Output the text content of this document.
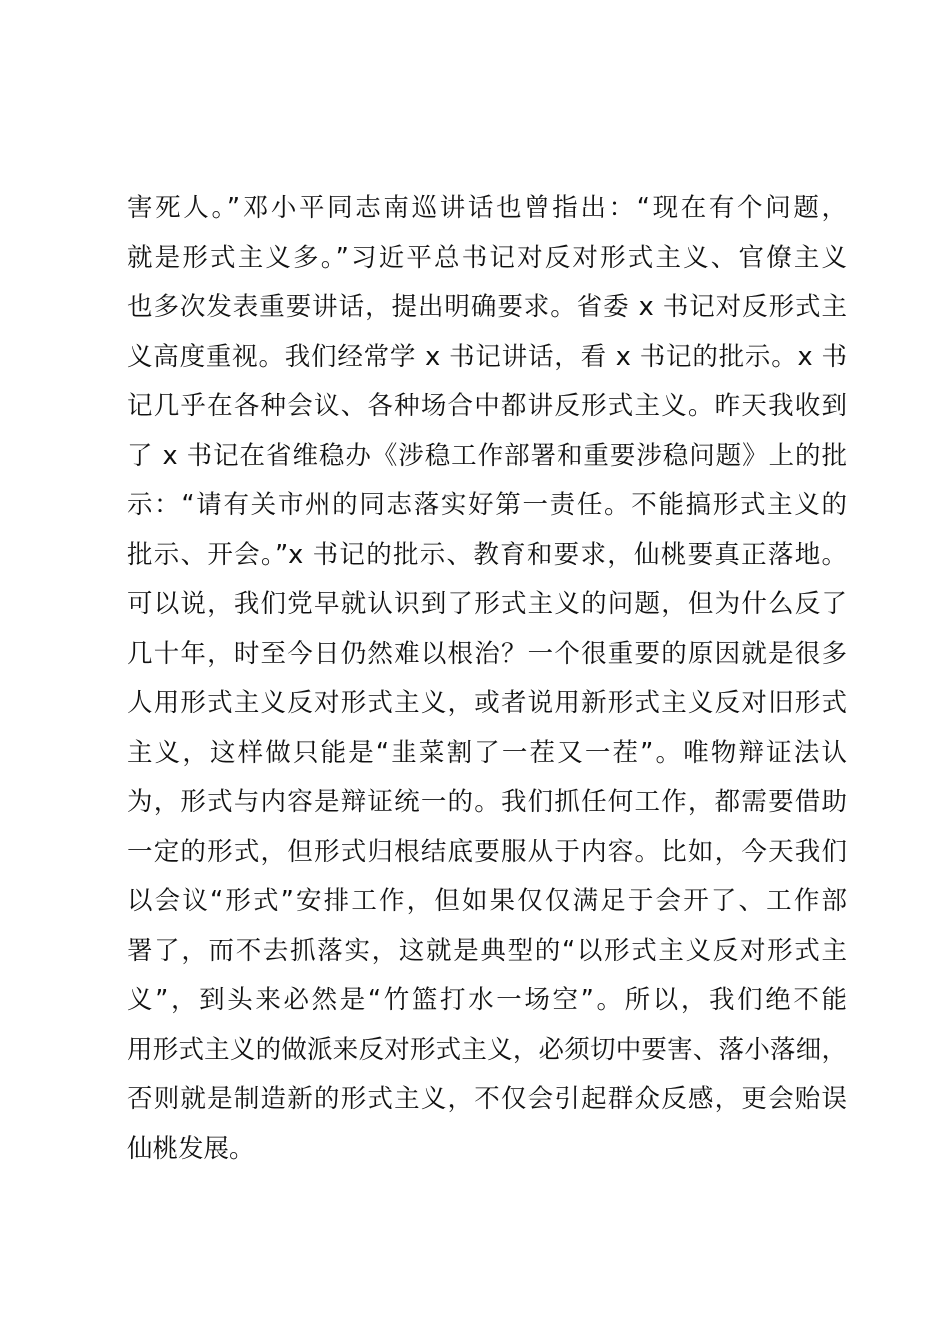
害死人。”邓小平同志南巡讲话也曾指出：“现在有个问题，
就是形式主义多。”习近平总书记对反对形式主义、官僚主义
也多次发表重要讲话，提出明确要求。省委 x 书记对反形式主
义高度重视。我们经常学 x 书记讲话，看 x 书记的批示。x 书
记几乎在各种会议、各种场合中都讲反形式主义。昨天我收到
了 x 书记在省维稳办《涉稳工作部署和重要涉稳问题》上的批
示：“请有关市州的同志落实好第一责任。不能搞形式主义的
批示、开会。”x 书记的批示、教育和要求，仙桃要真正落地。
可以说，我们党早就认识到了形式主义的问题，但为什么反了
几十年，时至今日仍然难以根治？一个很重要的原因就是很多
人用形式主义反对形式主义，或者说用新形式主义反对旧形式
主义，这样做只能是“韭菜割了一茬又一茬”。唯物辩证法认
为，形式与内容是辩证统一的。我们抓任何工作，都需要借助
一定的形式，但形式归根结底要服从于内容。比如，今天我们
以会议“形式”安排工作，但如果仅仅满足于会开了、工作部
署了，而不去抓落实，这就是典型的“以形式主义反对形式主
义”，到头来必然是“竹篮打水一场空”。所以，我们绝不能
用形式主义的做派来反对形式主义，必须切中要害、落小落细，
否则就是制造新的形式主义，不仅会引起群众反感，更会贻误
仙桃发展。
